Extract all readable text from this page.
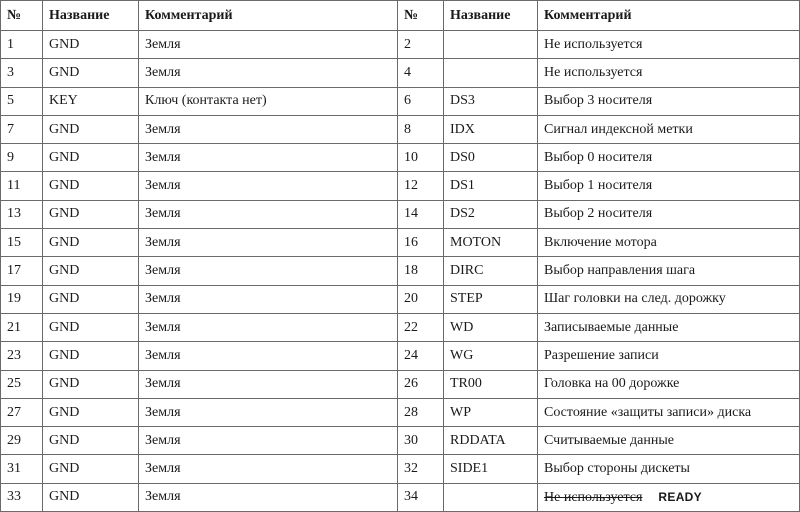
№	Название	Комментарий	№	Название	Комментарий
1	GND	Земля	2		Не используется
3	GND	Земля	4		Не используется
5	KEY	Ключ (контакта нет)	6	DS3	Выбор 3 носителя
7	GND	Земля	8	IDX	Сигнал индексной метки
9	GND	Земля	10	DS0	Выбор 0 носителя
11	GND	Земля	12	DS1	Выбор 1 носителя
13	GND	Земля	14	DS2	Выбор 2 носителя
15	GND	Земля	16	MOTON	Включение мотора
17	GND	Земля	18	DIRC	Выбор направления шага
19	GND	Земля	20	STEP	Шаг головки на след. дорожку
21	GND	Земля	22	WD	Записываемые данные
23	GND	Земля	24	WG	Разрешение записи
25	GND	Земля	26	TR00	Головка на 00 дорожке
27	GND	Земля	28	WP	Состояние «защиты записи» диска
29	GND	Земля	30	RDDATA	Считываемые данные
31	GND	Земля	32	SIDE1	Выбор стороны дискеты
33	GND	Земля	34		Не используется READY
